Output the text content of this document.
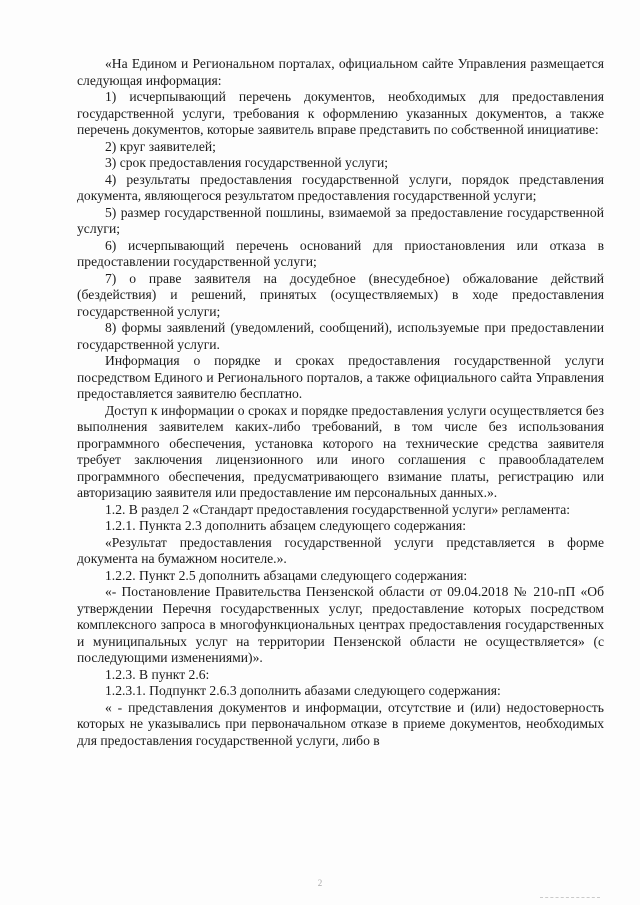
«На Едином и Региональном порталах, официальном сайте Управления размещается следующая информация:

1) исчерпывающий перечень документов, необходимых для предоставления государственной услуги, требования к оформлению указанных документов, а также перечень документов, которые заявитель вправе представить по собственной инициативе:

2) круг заявителей;

3) срок предоставления государственной услуги;

4) результаты предоставления государственной услуги, порядок представления документа, являющегося результатом предоставления государственной услуги;

5) размер государственной пошлины, взимаемой за предоставление государственной услуги;

6) исчерпывающий перечень оснований для приостановления или отказа в предоставлении государственной услуги;

7) о праве заявителя на досудебное (внесудебное) обжалование действий (бездействия) и решений, принятых (осуществляемых) в ходе предоставления государственной услуги;

8) формы заявлений (уведомлений, сообщений), используемые при предоставлении государственной услуги.

Информация о порядке и сроках предоставления государственной услуги посредством Единого и Регионального порталов, а также официального сайта Управления предоставляется заявителю бесплатно.

Доступ к информации о сроках и порядке предоставления услуги осуществляется без выполнения заявителем каких-либо требований, в том числе без использования программного обеспечения, установка которого на технические средства заявителя требует заключения лицензионного или иного соглашения с правообладателем программного обеспечения, предусматривающего взимание платы, регистрацию или авторизацию заявителя или предоставление им персональных данных.».

1.2. В раздел 2 «Стандарт предоставления государственной услуги» регламента:

1.2.1. Пункта 2.3 дополнить абзацем следующего содержания:

«Результат предоставления государственной услуги представляется в форме документа на бумажном носителе.».

1.2.2. Пункт 2.5 дополнить абзацами следующего содержания:

«- Постановление Правительства Пензенской области от 09.04.2018 № 210-пП «Об утверждении Перечня государственных услуг, предоставление которых посредством комплексного запроса в многофункциональных центрах предоставления государственных и муниципальных услуг на территории Пензенской области не осуществляется» (с последующими изменениями)».

1.2.3. В пункт 2.6:

1.2.3.1. Подпункт 2.6.3 дополнить абазами следующего содержания:

« - представления документов и информации, отсутствие и (или) недостоверность которых не указывались при первоначальном отказе в приеме документов, необходимых для предоставления государственной услуги, либо в

2
